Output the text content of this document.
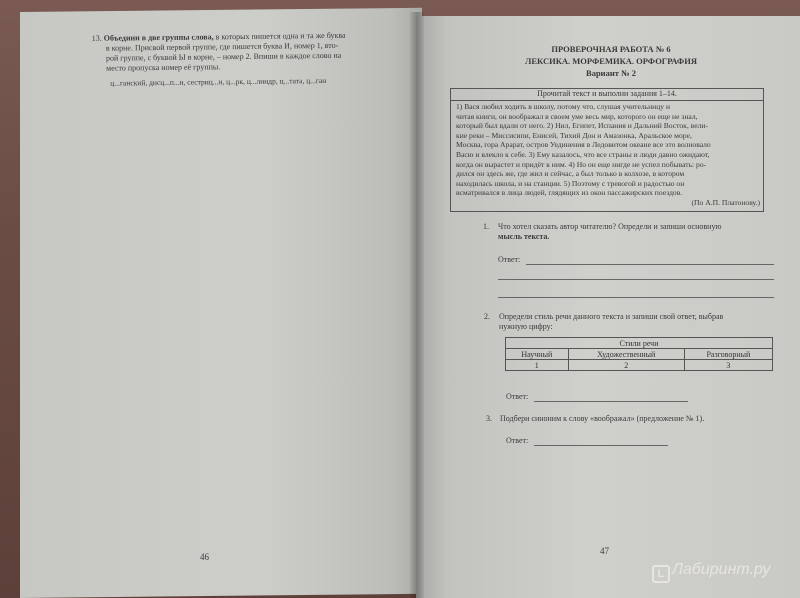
13. Объедини в две группы слова, в которых пишется одна и та же буква
в корне. Присвой первой группе, где пишется буква И, номер 1, вто-
рой группе, с буквой Ы в корне, – номер 2. Впиши в каждое слово на
место пропуска номер её группы.
ц...ганский, дисц...п...н, сестриц...н, ц...рк, ц...линдр, ц...тата, ц...ган
46
ПРОВЕРОЧНАЯ РАБОТА № 6
ЛЕКСИКА. МОРФЕМИКА. ОРФОГРАФИЯ
Вариант № 2
Прочитай текст и выполни задания 1–14.
1) Вася любил ходить в школу, потому что, слушая учительницу и
читая книги, он воображал в своем уме весь мир, которого он еще не знал,
который был вдали от него. 2) Нил, Египет, Испания и Дальний Восток, вели-
кие реки – Миссисипи, Енисей, Тихий Дон и Амазонка, Аральское море,
Москва, гора Арарат, остров Уединения в Ледовитом океане все это волновало
Васю и влекло к себе. 3) Ему казалось, что все страны и люди давно ожидают,
когда он вырастет и придёт к ним. 4) Но он еще нигде не успел побывать: ро-
дился он здесь же, где жил и сейчас, а был только в колхозе, в котором
находилась школа, и на станции. 5) Поэтому с тревогой и радостью он
всматривался в лица людей, глядящих из окон пассажирских поездов.
(По А.П. Платонову.)
1. Что хотел сказать автор читателю? Определи и запиши основную
мысль текста.
Ответ:
2. Определи стиль речи данного текста и запиши свой ответ, выбрав
нужную цифру:
Стили речи		
Научный	Художественный	Разговорный
1	2	3
Ответ:
3. Подбери синоним к слову «воображал» (предложение № 1).
Ответ:
47
L Лабиринт.ру
